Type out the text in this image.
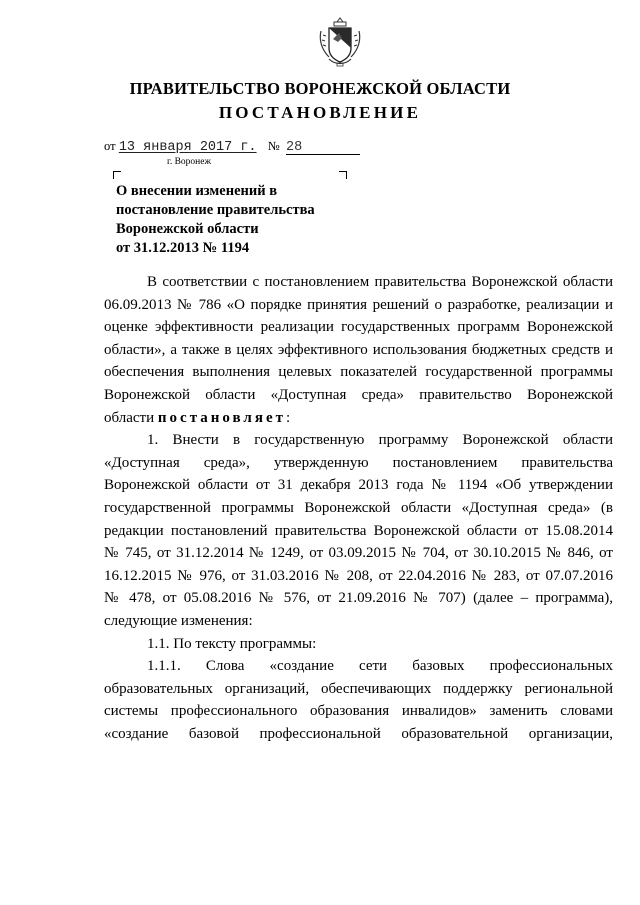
ПРАВИТЕЛЬСТВО ВОРОНЕЖСКОЙ ОБЛАСТИ
ПОСТАНОВЛЕНИЕ
от 13 января 2017 г. № 28
г. Воронеж
О внесении изменений в
постановление правительства
Воронежской области
от 31.12.2013 № 1194
В соответствии с постановлением правительства Воронежской области
06.09.2013 № 786 «О порядке принятия решений о разработке, реализации и
оценке эффективности реализации государственных программ Воронежской
области», а также в целях эффективного использования бюджетных средств и
обеспечения выполнения целевых показателей государственной программы
Воронежской области «Доступная среда» правительство Воронежской
области постановляет:
1. Внести в государственную программу Воронежской области
«Доступная среда», утвержденную постановлением правительства
Воронежской области от 31 декабря 2013 года № 1194 «Об утверждении
государственной программы Воронежской области «Доступная среда» (в
редакции постановлений правительства Воронежской области от 15.08.2014
№ 745, от 31.12.2014 № 1249, от 03.09.2015 № 704, от 30.10.2015 № 846, от
16.12.2015 № 976, от 31.03.2016 № 208, от 22.04.2016 № 283, от 07.07.2016
№ 478, от 05.08.2016 № 576, от 21.09.2016 № 707) (далее – программа),
следующие изменения:
1.1. По тексту программы:
1.1.1. Слова «создание сети базовых профессиональных
образовательных организаций, обеспечивающих поддержку региональной
системы профессионального образования инвалидов» заменить словами
«создание базовой профессиональной образовательной организации,
